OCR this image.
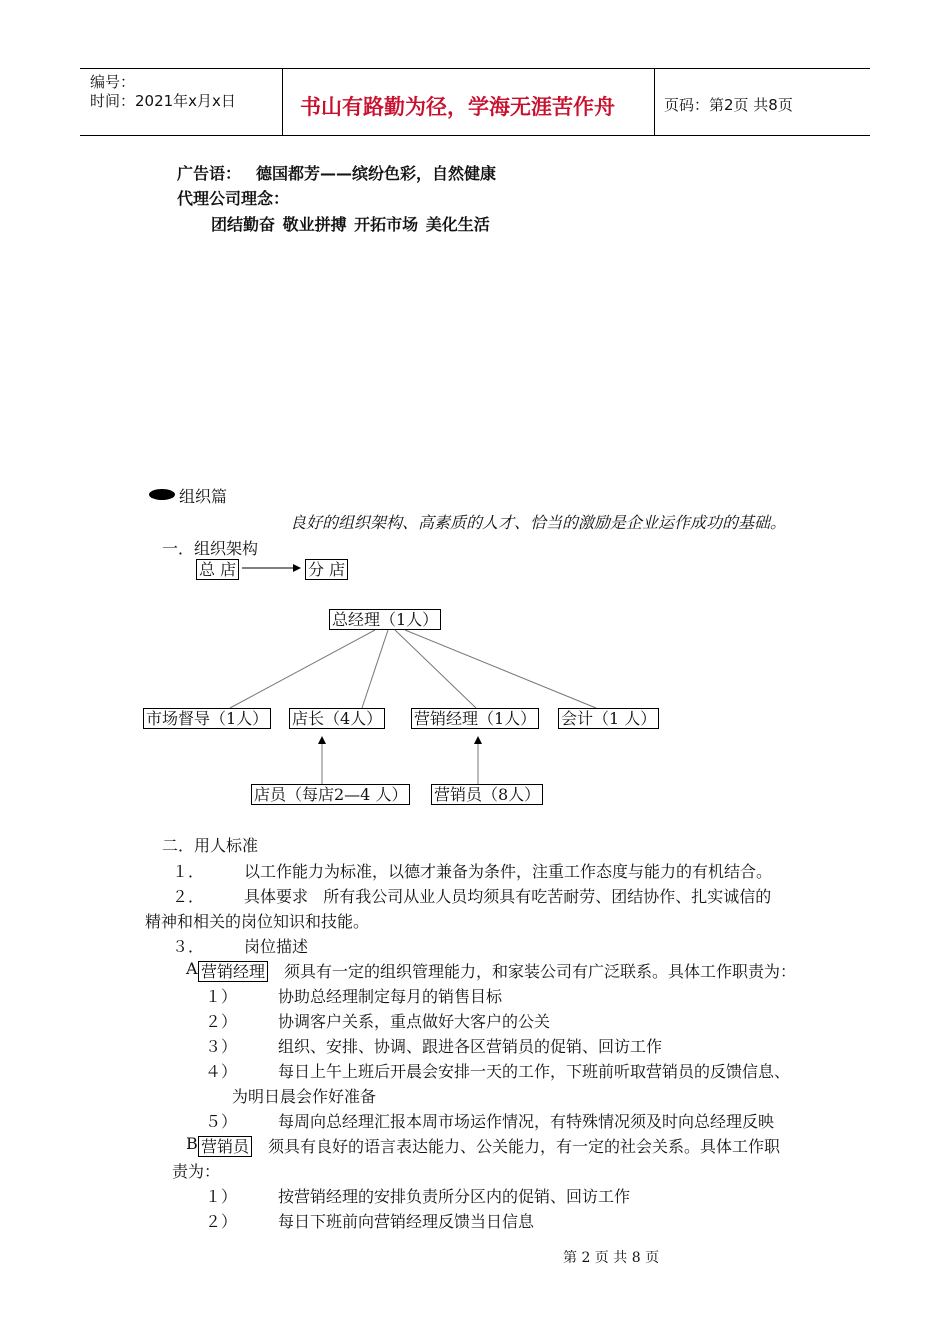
编号：
时间：2021年x月x日	书山有路勤为径，学海无涯苦作舟	页码：第2页 共8页
广告语： 德国都芳——缤纷色彩，自然健康
代理公司理念：
团结勤奋 敬业拼搏 开拓市场 美化生活
组织篇
良好的组织架构、高素质的人才、恰当的激励是企业运作成功的基础。
一．组织架构
总 店	分 店
总经理（1人）
市场督导（1人） 店长（4人） 营销经理（1人） 会计（1 人）
店员（每店2—4 人） 营销员（8人）
二．用人标准
１． 以工作能力为标准，以德才兼备为条件，注重工作态度与能力的有机结合。
２． 具体要求   所有我公司从业人员均须具有吃苦耐劳、团结协作、扎实诚信的
精神和相关的岗位知识和技能。
３． 岗位描述
A 营销经理 须具有一定的组织管理能力，和家装公司有广泛联系。具体工作职责为：
１）	协助总经理制定每月的销售目标
２）	协调客户关系，重点做好大客户的公关
３）	组织、安排、协调、跟进各区营销员的促销、回访工作
４）	每日上午上班后开晨会安排一天的工作，下班前听取营销员的反馈信息、
为明日晨会作好准备
５）	每周向总经理汇报本周市场运作情况，有特殊情况须及时向总经理反映
B 营销员 须具有良好的语言表达能力、公关能力，有一定的社会关系。具体工作职
责为：
１）	按营销经理的安排负责所分区内的促销、回访工作
２）	每日下班前向营销经理反馈当日信息
第 2 页 共 8 页
